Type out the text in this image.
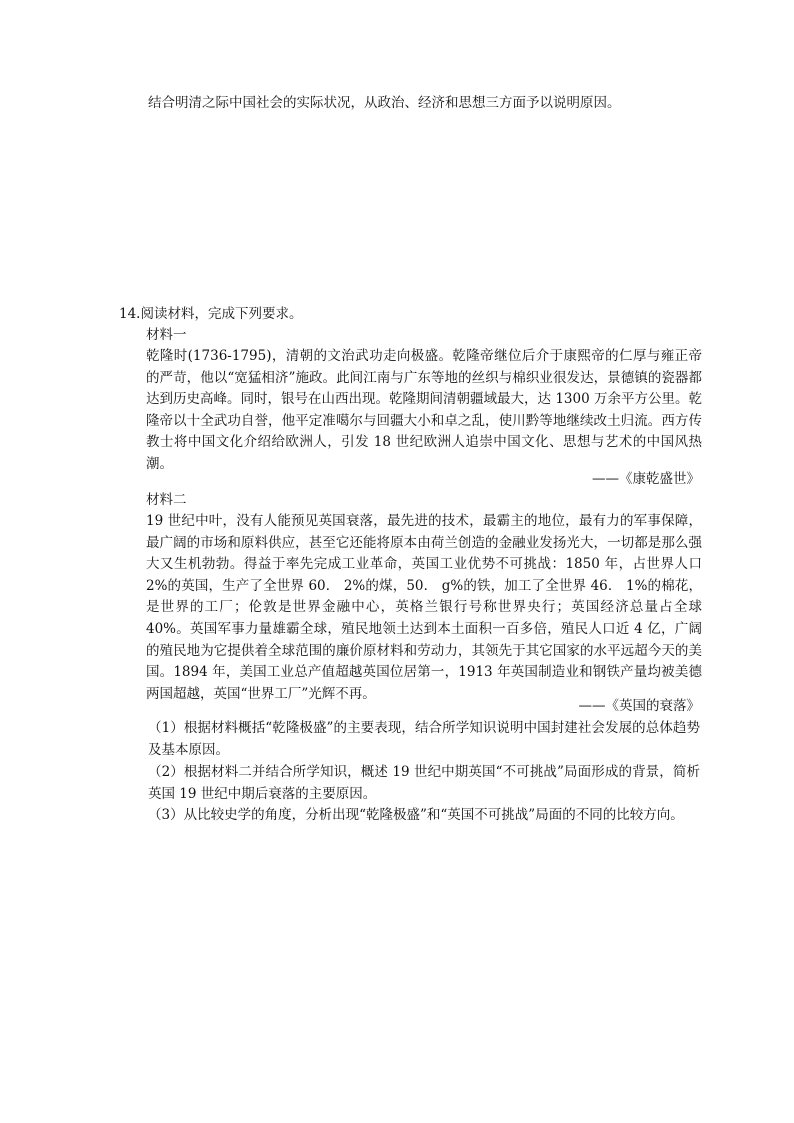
结合明清之际中国社会的实际状况，从政治、经济和思想三方面予以说明原因。
14.阅读材料，完成下列要求。
材料一

乾隆时(1736-1795)，清朝的文治武功走向极盛。乾隆帝继位后介于康熙帝的仁厚与雍正帝的严苛，他以“宽猛相济”施政。此间江南与广东等地的丝织与棉织业很发达，景德镇的瓷器都达到历史高峰。同时，银号在山西出现。乾隆期间清朝疆域最大，达 1300 万余平方公里。乾隆帝以十全武功自誉，他平定准噶尔与回疆大小和卓之乱，使川黔等地继续改土归流。西方传教士将中国文化介绍给欧洲人，引发 18 世纪欧洲人追崇中国文化、思想与艺术的中国风热潮。

——《康乾盛世》
材料二

19 世纪中叶，没有人能预见英国衰落，最先进的技术，最霸主的地位，最有力的军事保障，最广阔的市场和原料供应，甚至它还能将原本由荷兰创造的金融业发扬光大，一切都是那么强大又生机勃勃。得益于率先完成工业革命，英国工业优势不可挑战：1850 年，占世界人口 2%的英国，生产了全世界 60． 2%的煤，50． g%的铁，加工了全世界 46． 1%的棉花，是世界的工厂；伦敦是世界金融中心，英格兰银行号称世界央行；英国经济总量占全球 40%。英国军事力量雄霸全球，殖民地领土达到本土面积一百多倍，殖民人口近 4 亿，广阔的殖民地为它提供着全球范围的廉价原材料和劳动力，其领先于其它国家的水平远超今天的美国。1894 年，美国工业总产值超越英国位居第一，1913 年英国制造业和钢铁产量均被美德两国超越，英国“世界工厂”光辉不再。

——《英国的衰落》

（1）根据材料概括“乾隆极盛”的主要表现，结合所学知识说明中国封建社会发展的总体趋势及基本原因。

（2）根据材料二并结合所学知识，概述 19 世纪中期英国“不可挑战”局面形成的背景，简析英国 19 世纪中期后衰落的主要原因。

（3）从比较史学的角度，分析出现“乾隆极盛”和“英国不可挑战”局面的不同的比较方向。
